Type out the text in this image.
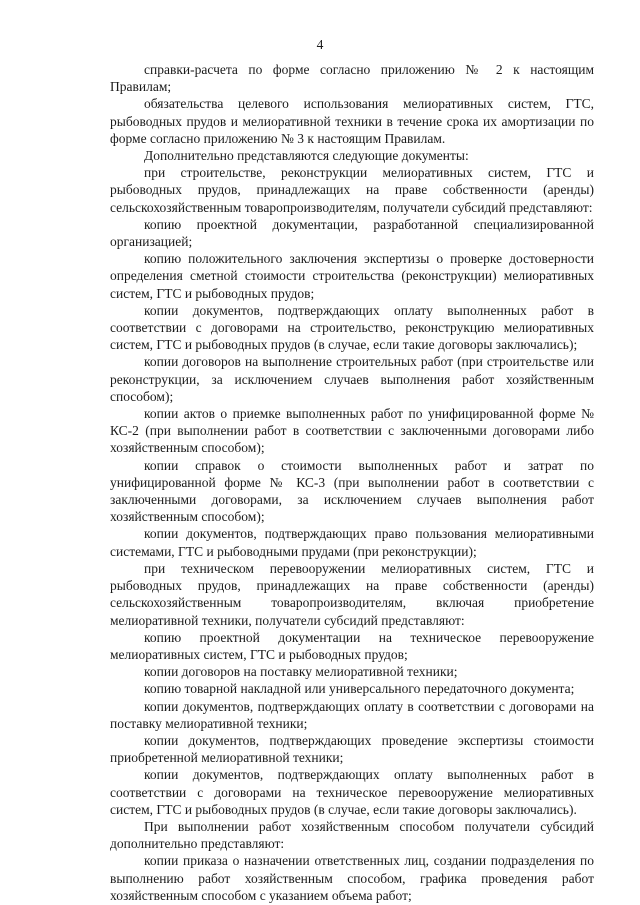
4

справки-расчета по форме согласно приложению № 2 к настоящим Правилам;

обязательства целевого использования мелиоративных систем, ГТС, рыбоводных прудов и мелиоративной техники в течение срока их амортизации по форме согласно приложению № 3 к настоящим Правилам.

Дополнительно представляются следующие документы:

при строительстве, реконструкции мелиоративных систем, ГТС и рыбоводных прудов, принадлежащих на праве собственности (аренды) сельскохозяйственным товаропроизводителям, получатели субсидий представляют:

копию проектной документации, разработанной специализированной организацией;

копию положительного заключения экспертизы о проверке достоверности определения сметной стоимости строительства (реконструкции) мелиоративных систем, ГТС и рыбоводных прудов;

копии документов, подтверждающих оплату выполненных работ в соответствии с договорами на строительство, реконструкцию мелиоративных систем, ГТС и рыбоводных прудов (в случае, если такие договоры заключались);

копии договоров на выполнение строительных работ (при строительстве или реконструкции, за исключением случаев выполнения работ хозяйственным способом);

копии актов о приемке выполненных работ по унифицированной форме № КС-2 (при выполнении работ в соответствии с заключенными договорами либо хозяйственным способом);

копии справок о стоимости выполненных работ и затрат по унифицированной форме № КС-3 (при выполнении работ в соответствии с заключенными договорами, за исключением случаев выполнения работ хозяйственным способом);

копии документов, подтверждающих право пользования мелиоративными системами, ГТС и рыбоводными прудами (при реконструкции);

при техническом перевооружении мелиоративных систем, ГТС и рыбоводных прудов, принадлежащих на праве собственности (аренды) сельскохозяйственным товаропроизводителям, включая приобретение мелиоративной техники, получатели субсидий представляют:

копию проектной документации на техническое перевооружение мелиоративных систем, ГТС и рыбоводных прудов;

копии договоров на поставку мелиоративной техники;

копию товарной накладной или универсального передаточного документа;

копии документов, подтверждающих оплату в соответствии с договорами на поставку мелиоративной техники;

копии документов, подтверждающих проведение экспертизы стоимости приобретенной мелиоративной техники;

копии документов, подтверждающих оплату выполненных работ в соответствии с договорами на техническое перевооружение мелиоративных систем, ГТС и рыбоводных прудов (в случае, если такие договоры заключались).

При выполнении работ хозяйственным способом получатели субсидий дополнительно представляют:

копии приказа о назначении ответственных лиц, создании подразделения по выполнению работ хозяйственным способом, графика проведения работ хозяйственным способом с указанием объема работ;
